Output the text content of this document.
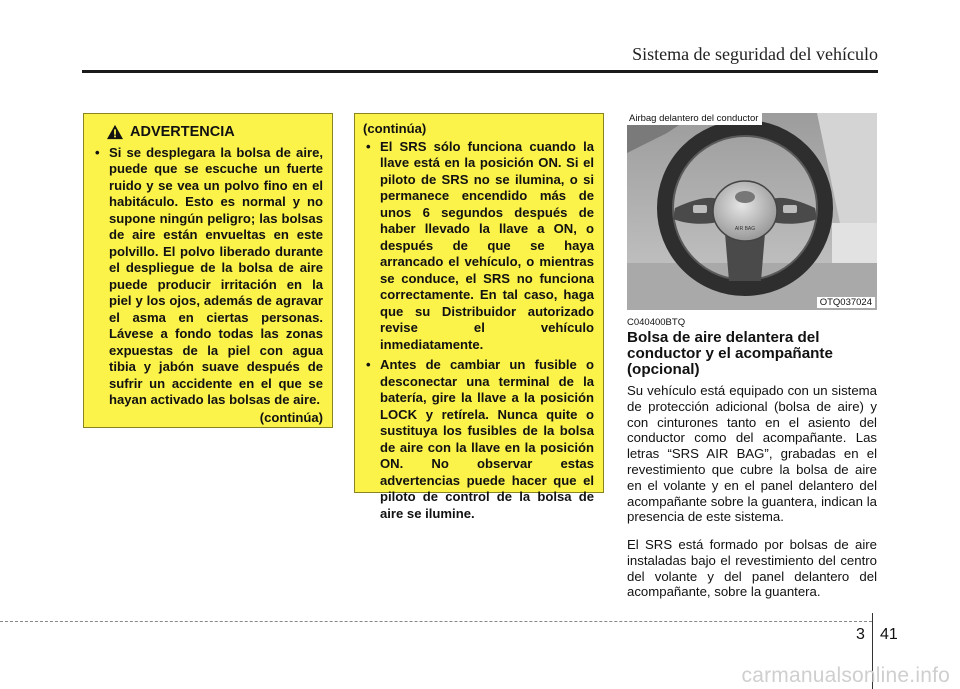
Sistema de seguridad del vehículo
ADVERTENCIA
• Si se desplegara la bolsa de aire, puede que se escuche un fuerte ruido y se vea un polvo fino en el habitáculo. Esto es normal y no supone ningún peligro; las bolsas de aire están envueltas en este polvillo. El polvo liberado durante el despliegue de la bolsa de aire puede producir irritación en la piel y los ojos, además de agravar el asma en ciertas personas. Lávese a fondo todas las zonas expuestas de la piel con agua tibia y jabón suave después de sufrir un accidente en el que se hayan activado las bolsas de aire.
(continúa)
(continúa)
• El SRS sólo funciona cuando la llave está en la posición ON. Si el piloto de SRS no se ilumina, o si permanece encendido más de unos 6 segundos después de haber llevado la llave a ON, o después de que se haya arrancado el vehículo, o mientras se conduce, el SRS no funciona correctamente. En tal caso, haga que su Distribuidor autorizado revise el vehículo inmediatamente.
• Antes de cambiar un fusible o desconectar una terminal de la batería, gire la llave a la posición LOCK y retírela. Nunca quite o sustituya los fusibles de la bolsa de aire con la llave en la posición ON. No observar estas advertencias puede hacer que el piloto de control de la bolsa de aire se ilumine.
AIR BAG
Airbag delantero del conductor
OTQ037024
C040400BTQ
Bolsa de aire delantera del conductor y el acompañante (opcional)

Su vehículo está equipado con un sistema de protección adicional (bolsa de aire) y con cinturones tanto en el asiento del conductor como del acompañante. Las letras “SRS AIR BAG”, grabadas en el revestimiento que cubre la bolsa de aire en el volante y en el panel delantero del acompañante sobre la guantera, indican la presencia de este sistema.

El SRS está formado por bolsas de aire instaladas bajo el revestimiento del centro del volante y del panel delantero del acompañante, sobre la guantera.

3 41
carmanualsonline.info
